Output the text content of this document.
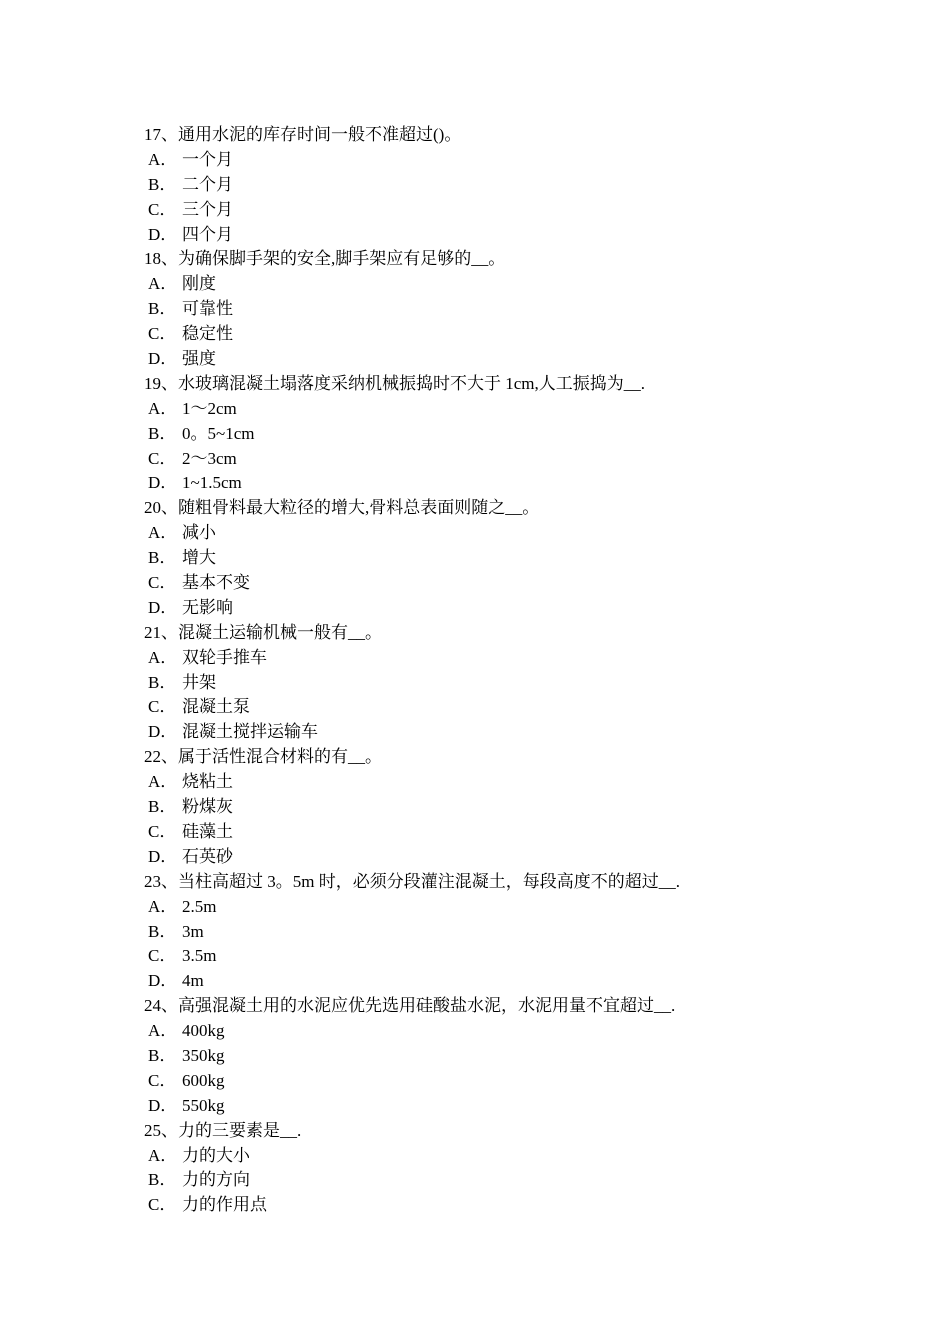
17、通用水泥的库存时间一般不准超过()。
A． 一个月
B． 二个月
C． 三个月
D． 四个月
18、为确保脚手架的安全,脚手架应有足够的__。
A． 刚度
B． 可靠性
C． 稳定性
D． 强度
19、水玻璃混凝土塌落度采纳机械振捣时不大于 1cm,人工振捣为__.
A． 1～2cm
B． 0。5~1cm
C． 2～3cm
D． 1~1.5cm
20、随粗骨料最大粒径的增大,骨料总表面则随之__。
A． 减小
B． 增大
C． 基本不变
D． 无影响
21、混凝土运输机械一般有__。
A． 双轮手推车
B． 井架
C． 混凝土泵
D． 混凝土搅拌运输车
22、属于活性混合材料的有__。
A． 烧粘土
B． 粉煤灰
C． 硅藻土
D． 石英砂
23、当柱高超过 3。5m 时，必须分段灌注混凝土，每段高度不的超过__.
A． 2.5m
B． 3m
C． 3.5m
D． 4m
24、高强混凝土用的水泥应优先选用硅酸盐水泥，水泥用量不宜超过__.
A． 400kg
B． 350kg
C． 600kg
D． 550kg
25、力的三要素是__.
A． 力的大小
B． 力的方向
C． 力的作用点
